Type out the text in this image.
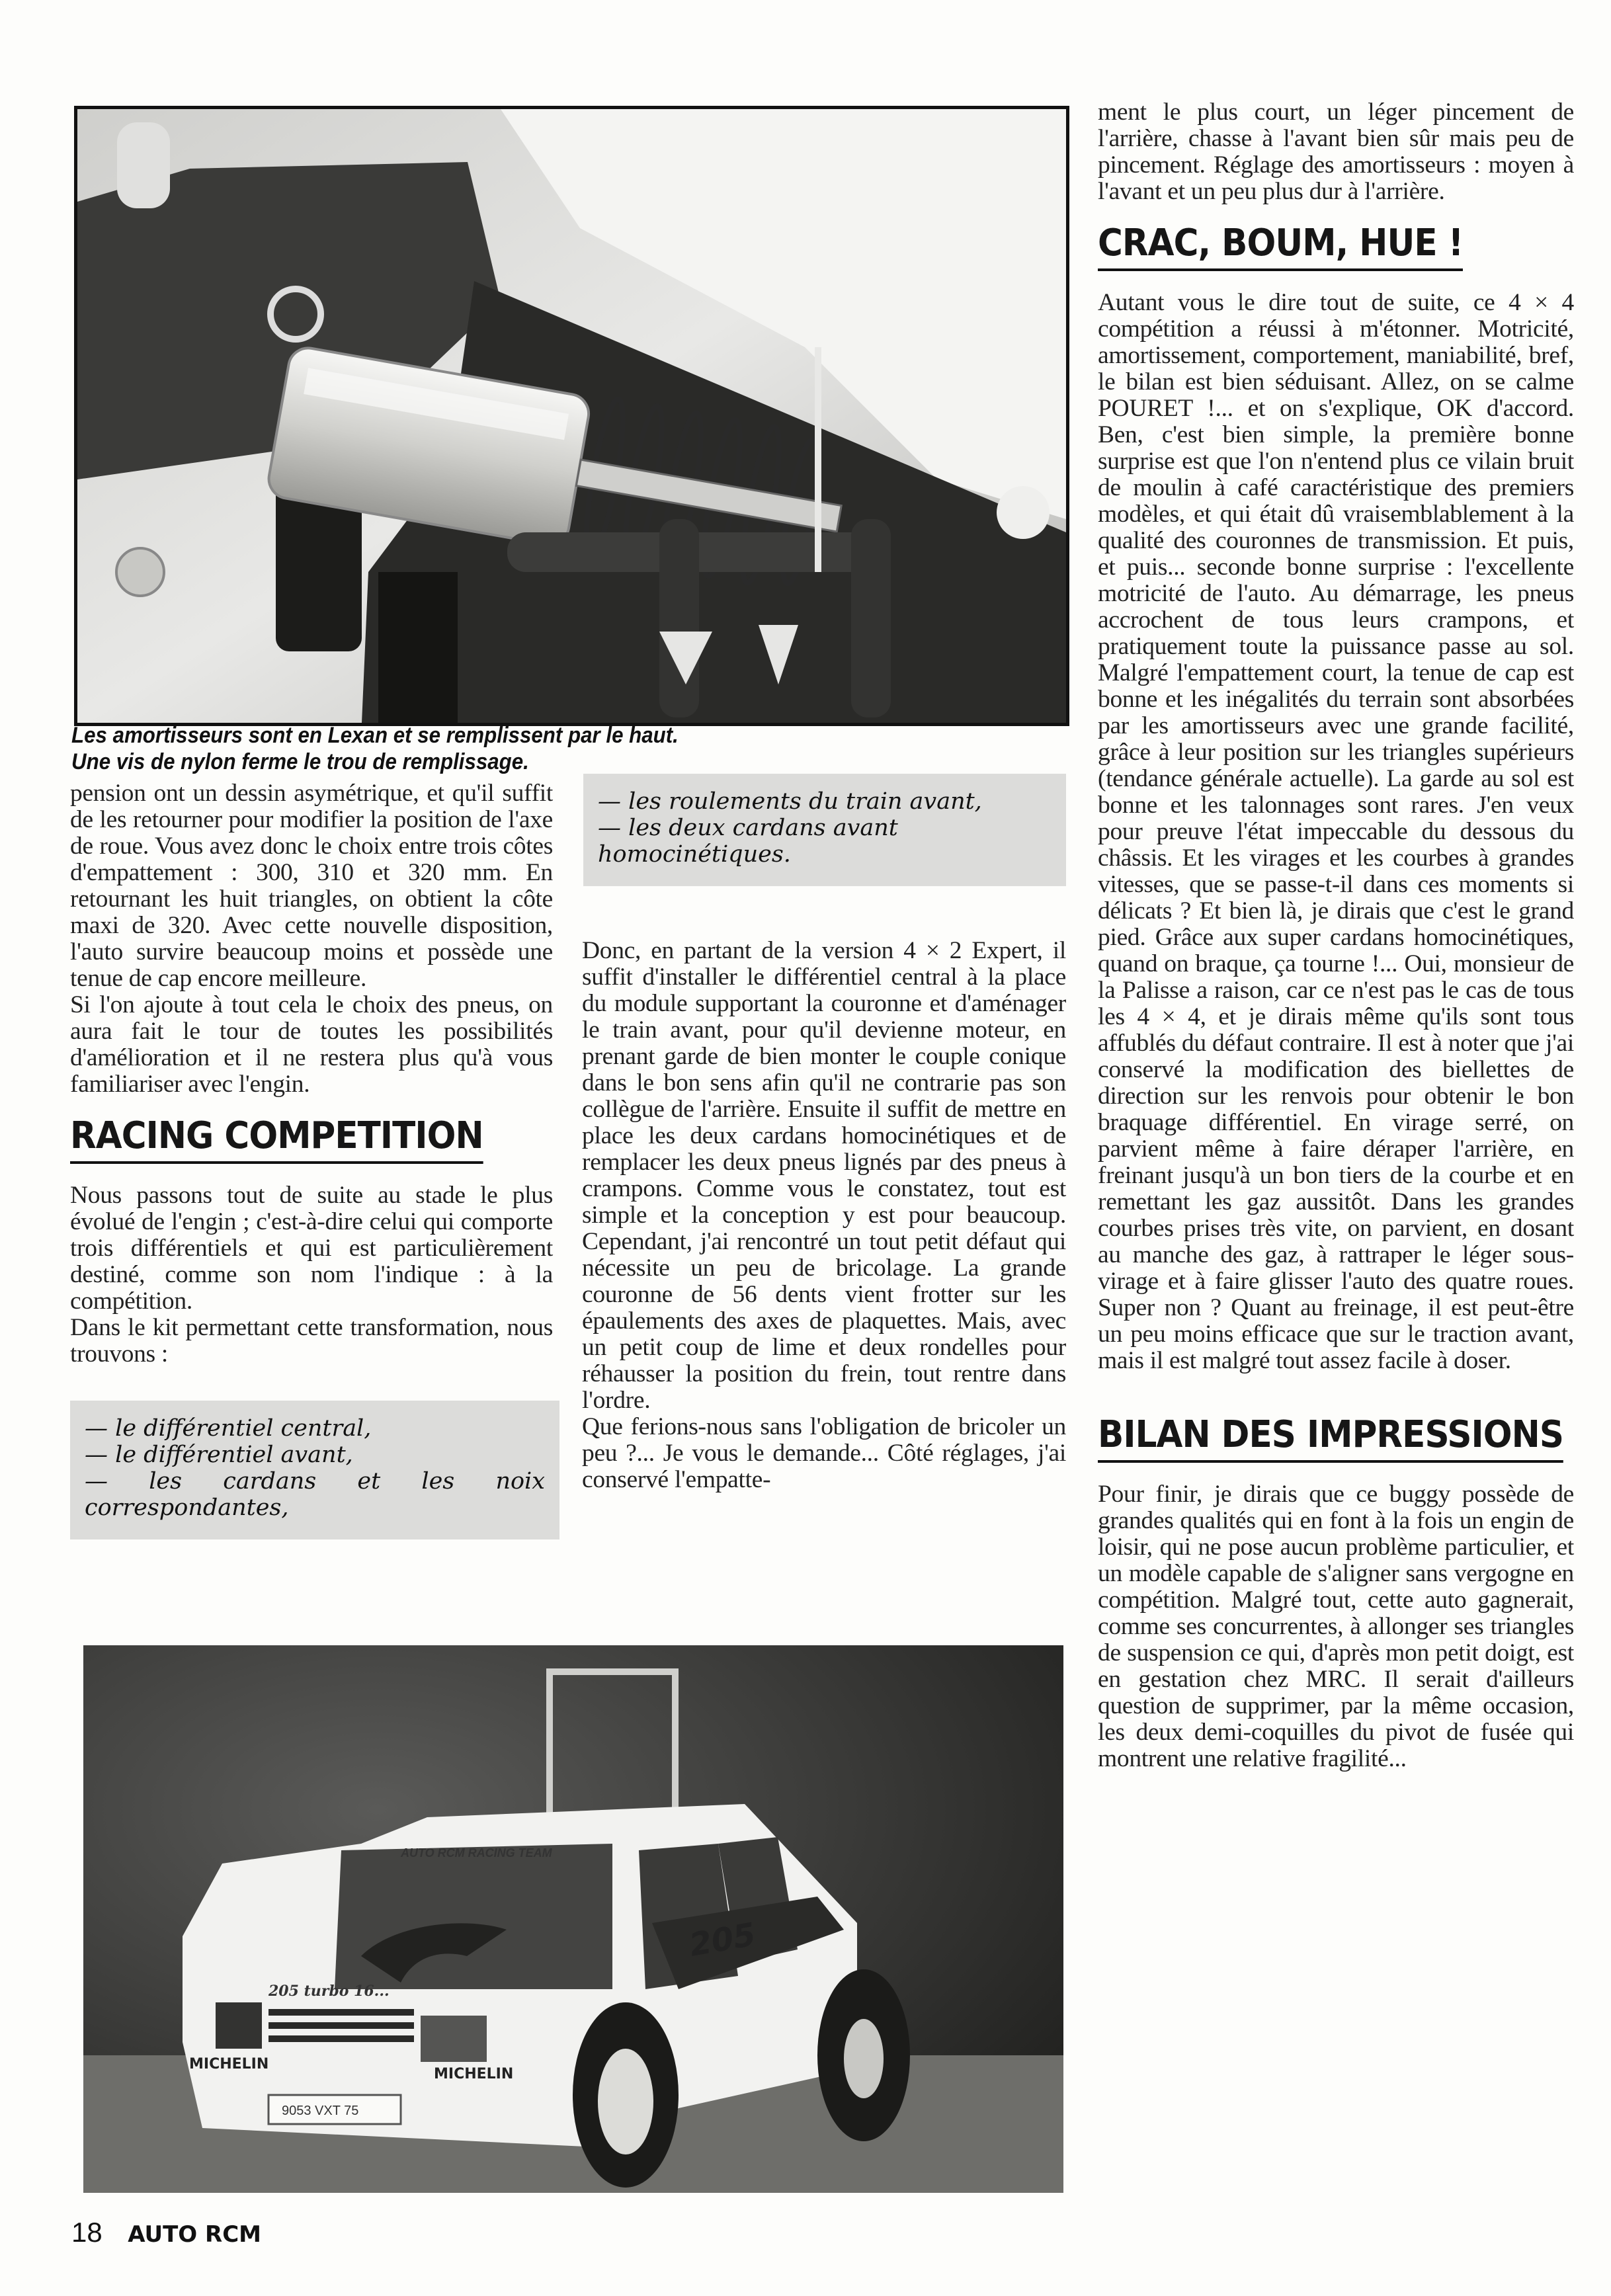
Les amortisseurs sont en Lexan et se remplissent par le haut.
Une vis de nylon ferme le trou de remplissage.

pension ont un dessin asymétrique, et qu'il suffit de les retourner pour modifier la position de l'axe de roue. Vous avez donc le choix entre trois côtes d'empattement : 300, 310 et 320 mm. En retournant les huit triangles, on obtient la côte maxi de 320. Avec cette nouvelle disposition, l'auto survire beaucoup moins et possède une tenue de cap encore meilleure.

Si l'on ajoute à tout cela le choix des pneus, on aura fait le tour de toutes les possibilités d'amélioration et il ne restera plus qu'à vous familiariser avec l'engin.

RACING COMPETITION

Nous passons tout de suite au stade le plus évolué de l'engin ; c'est-à-dire celui qui comporte trois différentiels et qui est particulièrement destiné, comme son nom l'indique : à la compétition.

Dans le kit permettant cette transformation, nous trouvons :

— le différentiel central,
— le différentiel avant,
— les cardans et les noix correspondantes,
— les roulements du train avant,
— les deux cardans avant homocinétiques.

Donc, en partant de la version 4 × 2 Expert, il suffit d'installer le différentiel central à la place du module supportant la couronne et d'aménager le train avant, pour qu'il devienne moteur, en prenant garde de bien monter le couple conique dans le bon sens afin qu'il ne contrarie pas son collègue de l'arrière. Ensuite il suffit de mettre en place les deux cardans homocinétiques et de remplacer les deux pneus lignés par des pneus à crampons. Comme vous le constatez, tout est simple et la conception y est pour beaucoup. Cependant, j'ai rencontré un tout petit défaut qui nécessite un peu de bricolage. La grande couronne de 56 dents vient frotter sur les épaulements des axes de plaquettes. Mais, avec un petit coup de lime et deux rondelles pour réhausser la position du frein, tout rentre dans l'ordre.

Que ferions-nous sans l'obligation de bricoler un peu ?... Je vous le demande... Côté réglages, j'ai conservé l'empatte-

ment le plus court, un léger pincement de l'arrière, chasse à l'avant bien sûr mais peu de pincement. Réglage des amortisseurs : moyen à l'avant et un peu plus dur à l'arrière.

CRAC, BOUM, HUE !

Autant vous le dire tout de suite, ce 4 × 4 compétition a réussi à m'étonner. Motricité, amortissement, comportement, maniabilité, bref, le bilan est bien séduisant. Allez, on se calme POURET !... et on s'explique, OK d'accord. Ben, c'est bien simple, la première bonne surprise est que l'on n'entend plus ce vilain bruit de moulin à café caractéristique des premiers modèles, et qui était dû vraisemblablement à la qualité des couronnes de transmission. Et puis, et puis... seconde bonne surprise : l'excellente motricité de l'auto. Au démarrage, les pneus accrochent de tous leurs crampons, et pratiquement toute la puissance passe au sol. Malgré l'empattement court, la tenue de cap est bonne et les inégalités du terrain sont absorbées par les amortisseurs avec une grande facilité, grâce à leur position sur les triangles supérieurs (tendance générale actuelle). La garde au sol est bonne et les talonnages sont rares. J'en veux pour preuve l'état impeccable du dessous du châssis. Et les virages et les courbes à grandes vitesses, que se passe-t-il dans ces moments si délicats ? Et bien là, je dirais que c'est le grand pied. Grâce aux super cardans homocinétiques, quand on braque, ça tourne !... Oui, monsieur de la Palisse a raison, car ce n'est pas le cas de tous les 4 × 4, et je dirais même qu'ils sont tous affublés du défaut contraire. Il est à noter que j'ai conservé la modification des biellettes de direction sur les renvois pour obtenir le bon braquage différentiel. En virage serré, on parvient même à faire déraper l'arrière, en freinant jusqu'à un bon tiers de la courbe et en remettant les gaz aussitôt. Dans les grandes courbes prises très vite, on parvient, en dosant au manche des gaz, à rattraper le léger sous-virage et à faire glisser l'auto des quatre roues. Super non ? Quant au freinage, il est peut-être un peu moins efficace que sur le traction avant, mais il est malgré tout assez facile à doser.

BILAN DES IMPRESSIONS

Pour finir, je dirais que ce buggy possède de grandes qualités qui en font à la fois un engin de loisir, qui ne pose aucun problème particulier, et un modèle capable de s'aligner sans vergogne en compétition. Malgré tout, cette auto gagnerait, comme ses concurrentes, à allonger ses triangles de suspension ce qui, d'après mon petit doigt, est en gestation chez MRC. Il serait d'ailleurs question de supprimer, par la même occasion, les deux demi-coquilles du pivot de fusée qui montrent une relative fragilité...

AUTO RCM RACING TEAM
205 turbo 16...
MICHELIN
MICHELIN
9053 VXT 75
205
18 AUTO RCM
